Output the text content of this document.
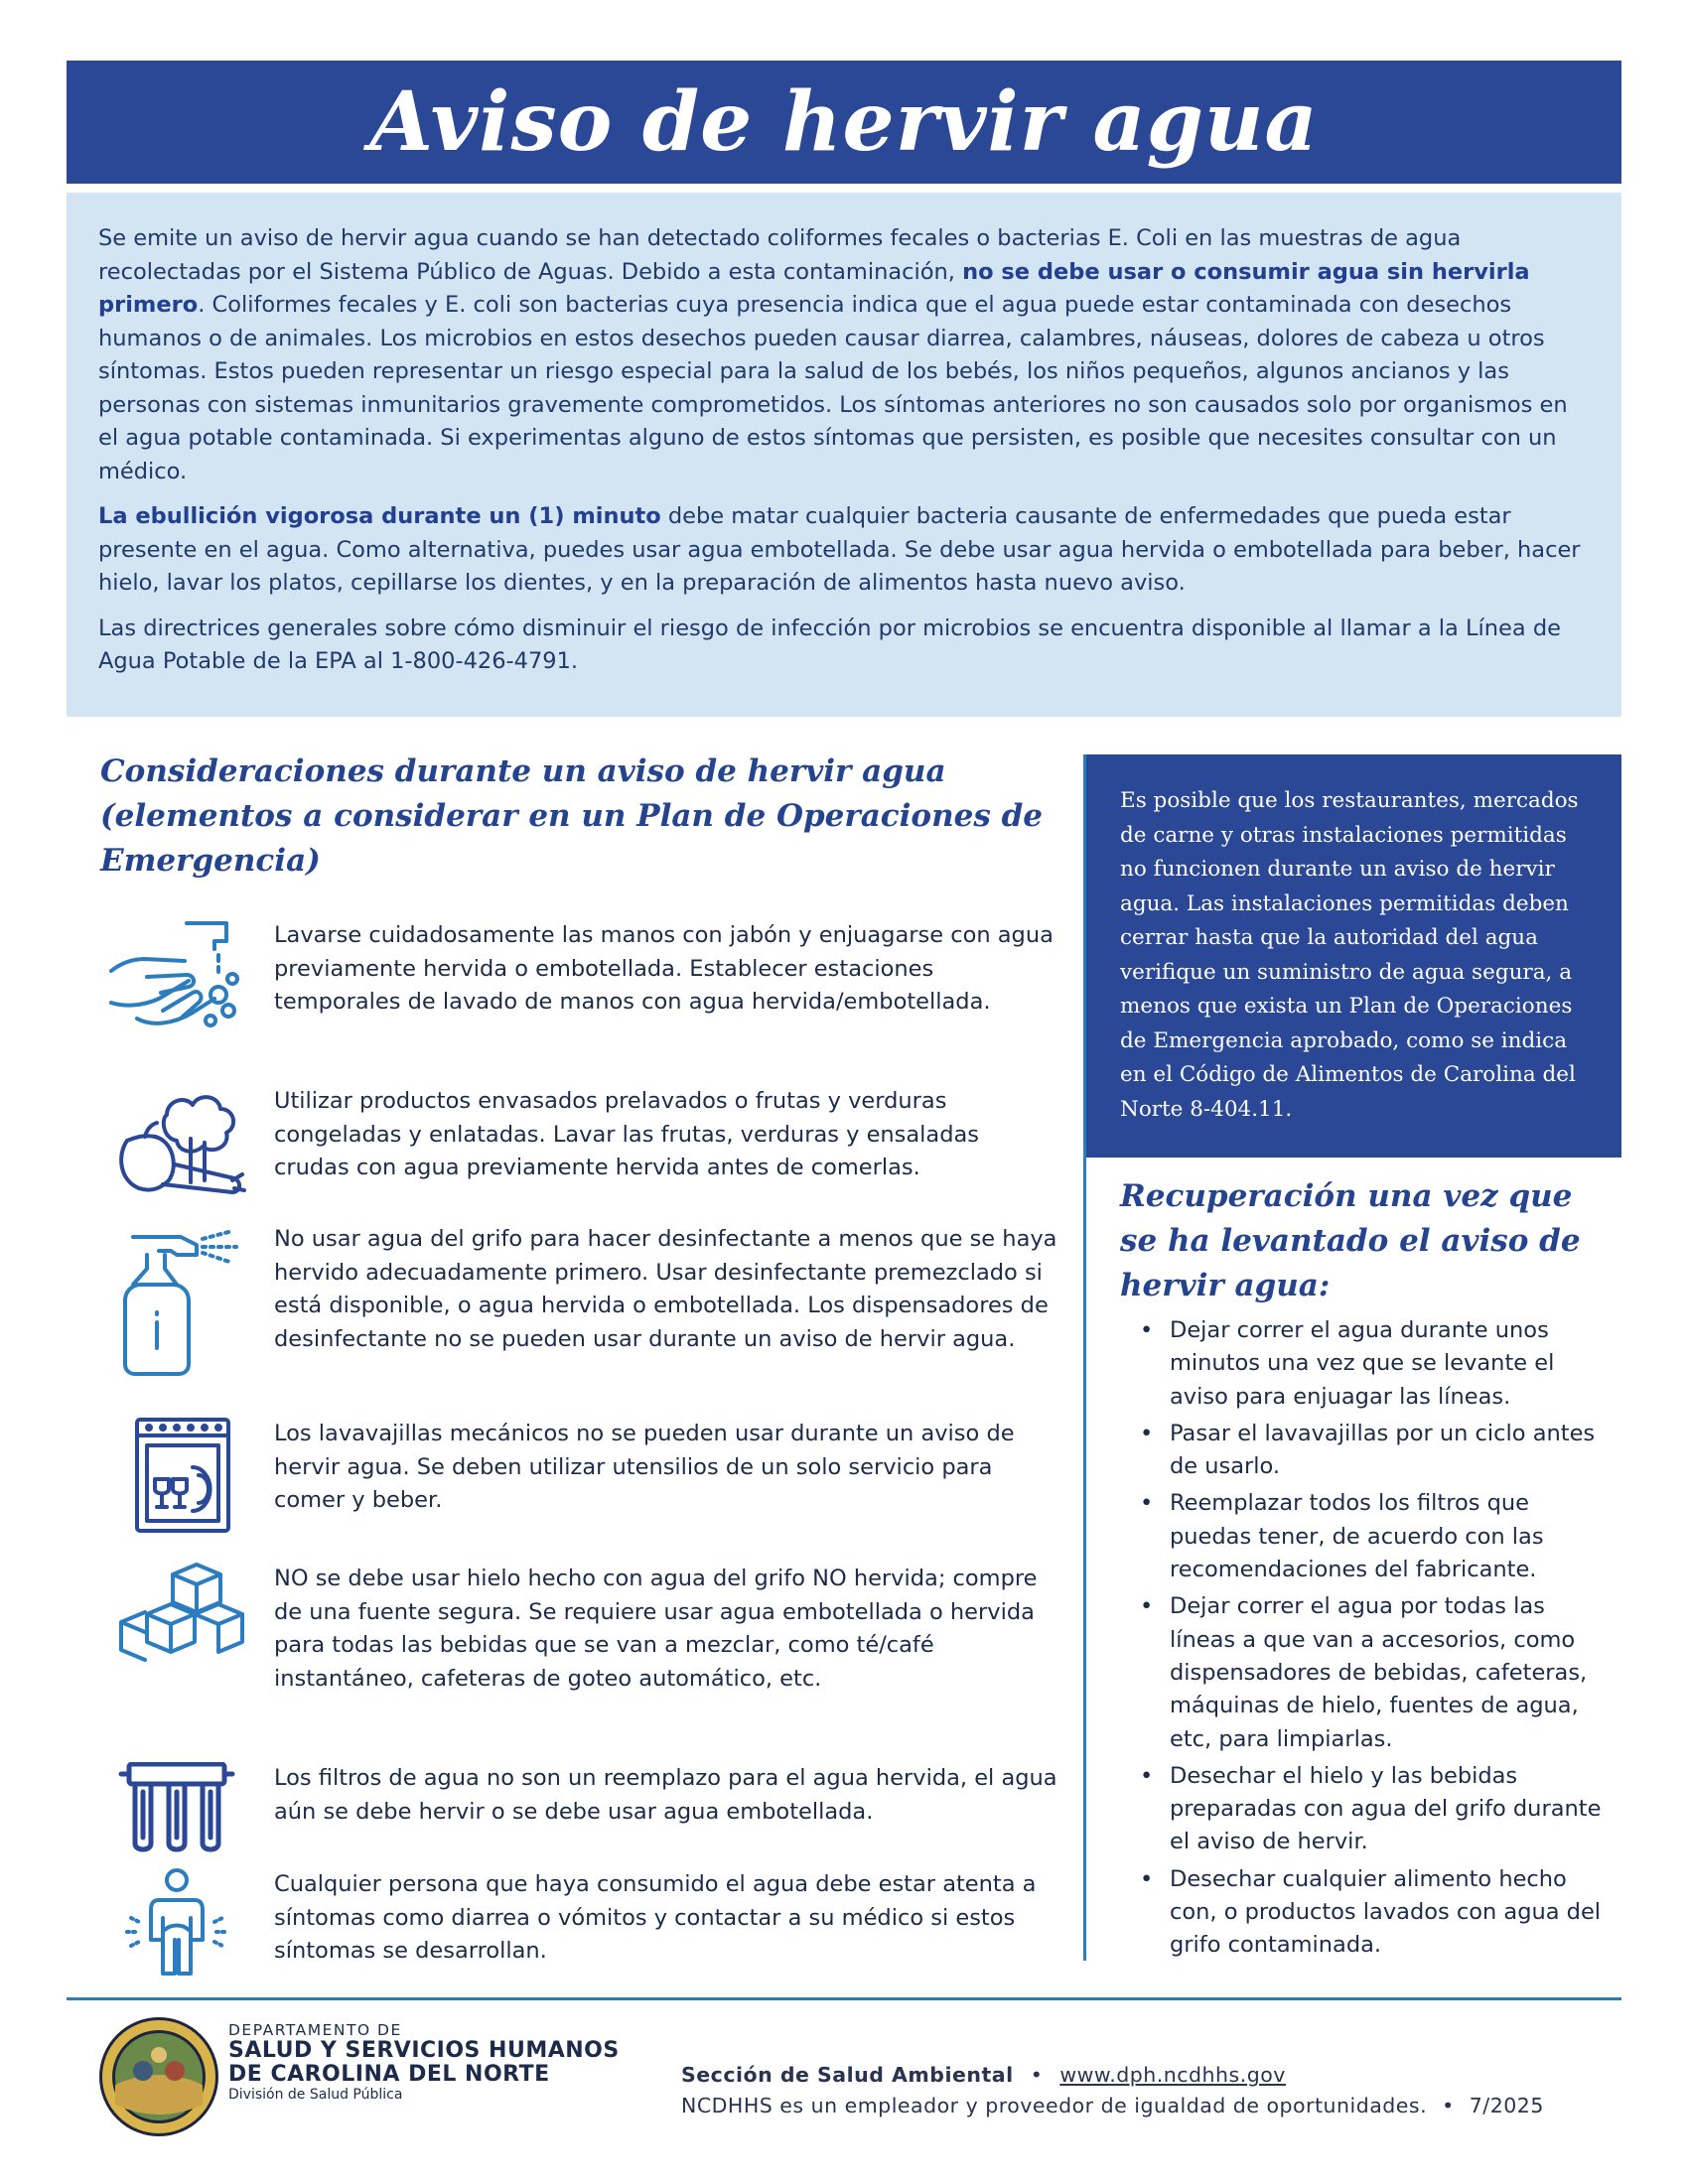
Aviso de hervir agua

Se emite un aviso de hervir agua cuando se han detectado coliformes fecales o bacterias E. Coli en las muestras de agua recolectadas por el Sistema Público de Aguas. Debido a esta contaminación, no se debe usar o consumir agua sin hervirla primero. Coliformes fecales y E. coli son bacterias cuya presencia indica que el agua puede estar contaminada con desechos humanos o de animales. Los microbios en estos desechos pueden causar diarrea, calambres, náuseas, dolores de cabeza u otros síntomas. Estos pueden representar un riesgo especial para la salud de los bebés, los niños pequeños, algunos ancianos y las personas con sistemas inmunitarios gravemente comprometidos. Los síntomas anteriores no son causados solo por organismos en el agua potable contaminada. Si experimentas alguno de estos síntomas que persisten, es posible que necesites consultar con un médico.

La ebullición vigorosa durante un (1) minuto debe matar cualquier bacteria causante de enfermedades que pueda estar presente en el agua. Como alternativa, puedes usar agua embotellada. Se debe usar agua hervida o embotellada para beber, hacer hielo, lavar los platos, cepillarse los dientes, y en la preparación de alimentos hasta nuevo aviso.

Las directrices generales sobre cómo disminuir el riesgo de infección por microbios se encuentra disponible al llamar a la Línea de Agua Potable de la EPA al 1-800-426-4791.

Consideraciones durante un aviso de hervir agua (elementos a considerar en un Plan de Operaciones de Emergencia)
Lavarse cuidadosamente las manos con jabón y enjuagarse con agua previamente hervida o embotellada. Establecer estaciones temporales de lavado de manos con agua hervida/embotellada.
Utilizar productos envasados prelavados o frutas y verduras congeladas y enlatadas. Lavar las frutas, verduras y ensaladas crudas con agua previamente hervida antes de comerlas.
No usar agua del grifo para hacer desinfectante a menos que se haya hervido adecuadamente primero. Usar desinfectante premezclado si está disponible, o agua hervida o embotellada. Los dispensadores de desinfectante no se pueden usar durante un aviso de hervir agua.
Los lavavajillas mecánicos no se pueden usar durante un aviso de hervir agua. Se deben utilizar utensilios de un solo servicio para comer y beber.
NO se debe usar hielo hecho con agua del grifo NO hervida; compre de una fuente segura. Se requiere usar agua embotellada o hervida para todas las bebidas que se van a mezclar, como té/café instantáneo, cafeteras de goteo automático, etc.
Los filtros de agua no son un reemplazo para el agua hervida, el agua aún se debe hervir o se debe usar agua embotellada.
Cualquier persona que haya consumido el agua debe estar atenta a síntomas como diarrea o vómitos y contactar a su médico si estos síntomas se desarrollan.
Es posible que los restaurantes, mercados de carne y otras instalaciones permitidas no funcionen durante un aviso de hervir agua. Las instalaciones permitidas deben cerrar hasta que la autoridad del agua verifique un suministro de agua segura, a menos que exista un Plan de Operaciones de Emergencia aprobado, como se indica en el Código de Alimentos de Carolina del Norte 8-404.11.
Recuperación una vez que se ha levantado el aviso de hervir agua:
• Dejar correr el agua durante unos minutos una vez que se levante el aviso para enjuagar las líneas.
• Pasar el lavavajillas por un ciclo antes de usarlo.
• Reemplazar todos los filtros que puedas tener, de acuerdo con las recomendaciones del fabricante.
• Dejar correr el agua por todas las líneas a que van a accesorios, como dispensadores de bebidas, cafeteras, máquinas de hielo, fuentes de agua, etc, para limpiarlas.
• Desechar el hielo y las bebidas preparadas con agua del grifo durante el aviso de hervir.
• Desechar cualquier alimento hecho con, o productos lavados con agua del grifo contaminada.
DEPARTAMENTO DE
SALUD Y SERVICIOS HUMANOS
DE CAROLINA DEL NORTE
División de Salud Pública
Sección de Salud Ambiental • www.dph.ncdhhs.gov
NCDHHS es un empleador y proveedor de igualdad de oportunidades. • 7/2025
